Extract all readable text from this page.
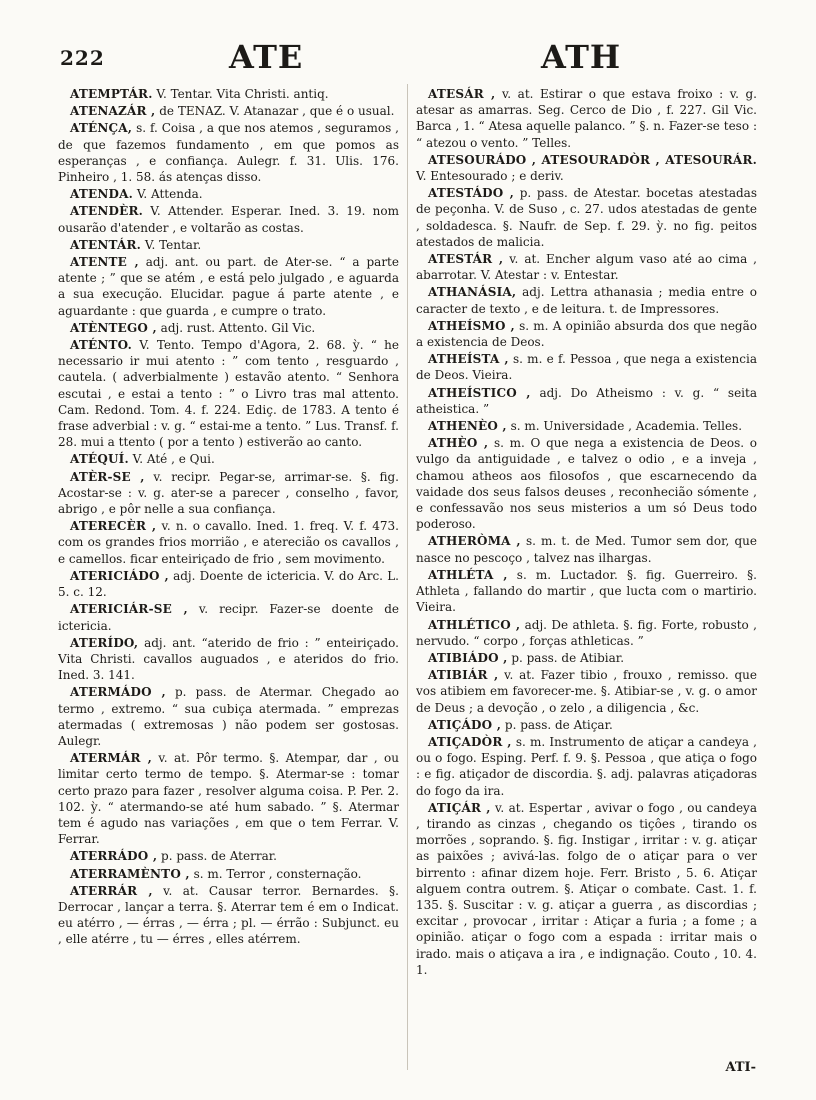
222	ATE	ATH

ATEMPTÁR. V. Tentar. Vita Christi. antiq.

ATENAZÁR , de TENAZ. V. Atanazar , que é o usual.

ATÉNÇA, s. f. Coisa , a que nos atemos , seguramos , de que fazemos fundamento , em que pomos as esperanças , e confiança. Aulegr. f. 31. Ulis. 176. Pinheiro , 1. 58. ás atenças disso.

ATENDA. V. Attenda.

ATENDÈR. V. Attender. Esperar. Ined. 3. 19. nom ousarão d'atender , e voltarão as costas.

ATENTÁR. V. Tentar.

ATENTE , adj. ant. ou part. de Ater-se. “ a parte atente ; ” que se atém , e está pelo julgado , e aguarda a sua execução. Elucidar. pague á parte atente , e aguardante : que guarda , e cumpre o trato.

ATÈNTEGO , adj. rust. Attento. Gil Vic.

ATÉNTO. V. Tento. Tempo d'Agora, 2. 68. ỳ. “ he necessario ir mui atento : ” com tento , resguardo , cautela. ( adverbialmente ) estavão atento. “ Senhora escutai , e estai a tento : ” o Livro tras mal attento. Cam. Redond. Tom. 4. f. 224. Ediç. de 1783. A tento é frase adverbial : v. g. “ estai-me a tento. ” Lus. Transf. f. 28. mui a ttento ( por a tento ) estiverão ao canto.

ATÉQUÍ. V. Até , e Qui.

ATÈR-SE , v. recipr. Pegar-se, arrimar-se. §. fig. Acostar-se : v. g. ater-se a parecer , conselho , favor, abrigo , e pôr nelle a sua confiança.

ATERECÈR , v. n. o cavallo. Ined. 1. freq. V. f. 473. com os grandes frios morrião , e aterecião os cavallos , e camellos. ficar enteiriçado de frio , sem movimento.

ATERICIÁDO , adj. Doente de ictericia. V. do Arc. L. 5. c. 12.

ATERICIÁR-SE , v. recipr. Fazer-se doente de ictericia.

ATERÍDO, adj. ant. “aterido de frio : ” enteiriçado. Vita Christi. cavallos auguados , e ateridos do frio. Ined. 3. 141.

ATERMÁDO , p. pass. de Atermar. Chegado ao termo , extremo. “ sua cubiça atermada. ” emprezas atermadas ( extremosas ) não podem ser gostosas. Aulegr.

ATERMÁR , v. at. Pôr termo. §. Atempar, dar , ou limitar certo termo de tempo. §. Atermar-se : tomar certo prazo para fazer , resolver alguma coisa. P. Per. 2. 102. ỳ. “ atermando-se até hum sabado. ” §. Atermar tem é agudo nas variações , em que o tem Ferrar. V. Ferrar.

ATERRÁDO , p. pass. de Aterrar.

ATERRAMÈNTO , s. m. Terror , consternação.

ATERRÁR , v. at. Causar terror. Bernardes. §. Derrocar , lançar a terra. §. Aterrar tem é em o Indicat. eu atérro , — érras , — érra ; pl. — érrão : Subjunct. eu , elle atérre , tu — érres , elles atérrem.

ATESÁR , v. at. Estirar o que estava froixo : v. g. atesar as amarras. Seg. Cerco de Dio , f. 227. Gil Vic. Barca , 1. “ Atesa aquelle palanco. ” §. n. Fazer-se teso : “ atezou o vento. ” Telles.

ATESOURÁDO , ATESOURADÒR , ATESOURÁR. V. Entesourado ; e deriv.

ATESTÁDO , p. pass. de Atestar. bocetas atestadas de peçonha. V. de Suso , c. 27. udos atestadas de gente , soldadesca. §. Naufr. de Sep. f. 29. ỳ. no fig. peitos atestados de malicia.

ATESTÁR , v. at. Encher algum vaso até ao cima , abarrotar. V. Atestar : v. Entestar.

ATHANÁSIA, adj. Lettra athanasia ; media entre o caracter de texto , e de leitura. t. de Impressores.

ATHEÍSMO , s. m. A opinião absurda dos que negão a existencia de Deos.

ATHEÍSTA , s. m. e f. Pessoa , que nega a existencia de Deos. Vieira.

ATHEÍSTICO , adj. Do Atheismo : v. g. “ seita atheistica. ”

ATHENÈO , s. m. Universidade , Academia. Telles.

ATHÈO , s. m. O que nega a existencia de Deos. o vulgo da antiguidade , e talvez o odio , e a inveja , chamou atheos aos filosofos , que escarnecendo da vaidade dos seus falsos deuses , reconhecião sómente , e confessavão nos seus misterios a um só Deus todo poderoso.

ATHERÒMA , s. m. t. de Med. Tumor sem dor, que nasce no pescoço , talvez nas ilhargas.

ATHLÉTA , s. m. Luctador. §. fig. Guerreiro. §. Athleta , fallando do martir , que lucta com o martirio. Vieira.

ATHLÉTICO , adj. De athleta. §. fig. Forte, robusto , nervudo. “ corpo , forças athleticas. ”

ATIBIÁDO , p. pass. de Atibiar.

ATIBIÁR , v. at. Fazer tibio , frouxo , remisso. que vos atibiem em favorecer-me. §. Atibiar-se , v. g. o amor de Deus ; a devoção , o zelo , a diligencia , &c.

ATIÇÁDO , p. pass. de Atiçar.

ATIÇADÒR , s. m. Instrumento de atiçar a candeya , ou o fogo. Esping. Perf. f. 9. §. Pessoa , que atiça o fogo : e fig. atiçador de discordia. §. adj. palavras atiçadoras do fogo da ira.

ATIÇÁR , v. at. Espertar , avivar o fogo , ou candeya , tirando as cinzas , chegando os tiçôes , tirando os morrões , soprando. §. fig. Instigar , irritar : v. g. atiçar as paixões ; avivá-las. folgo de o atiçar para o ver birrento : afinar dizem hoje. Ferr. Bristo , 5. 6. Atiçar alguem contra outrem. §. Atiçar o combate. Cast. 1. f. 135. §. Suscitar : v. g. atiçar a guerra , as discordias ; excitar , provocar , irritar : Atiçar a furia ; a fome ; a opinião. atiçar o fogo com a espada : irritar mais o irado. mais o atiçava a ira , e indignação. Couto , 10. 4. 1.

ATI-
